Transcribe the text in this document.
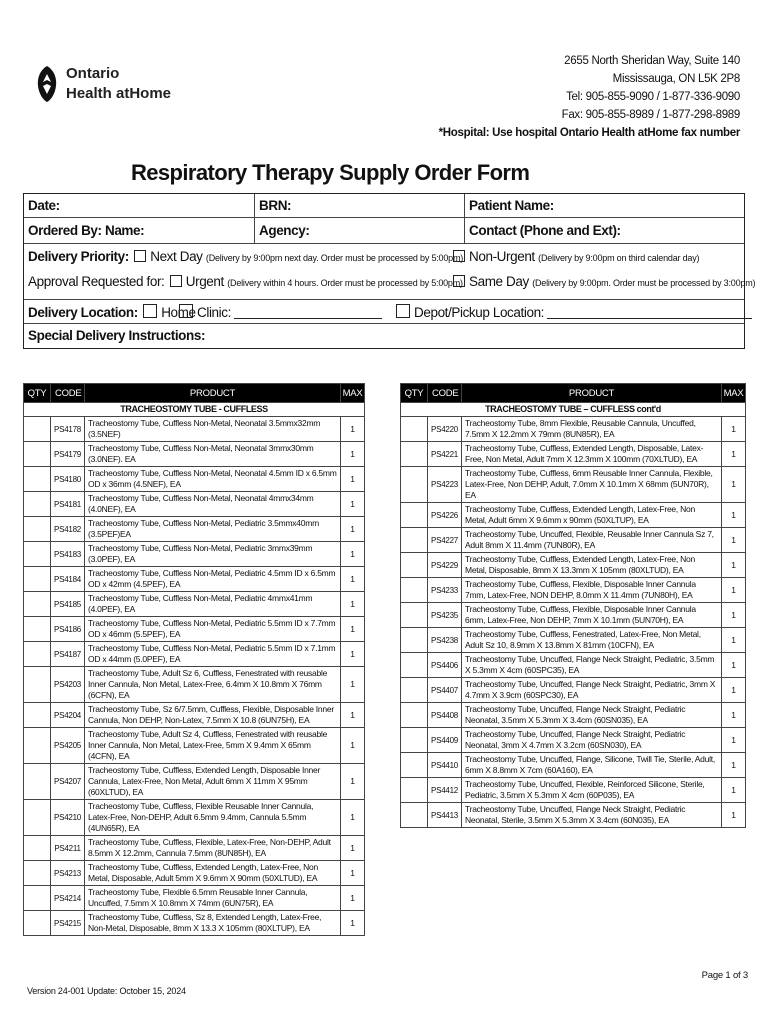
Ontario
Health atHome
2655 North Sheridan Way, Suite 140
Mississauga, ON L5K 2P8
Tel: 905-855-9090 / 1-877-336-9090
Fax: 905-855-8989 / 1-877-298-8989
*Hospital: Use hospital Ontario Health atHome fax number
Respiratory Therapy Supply Order Form
Date:	BRN:	Patient Name:
Ordered By: Name:	Agency:	Contact (Phone and Ext):
Delivery Priority: Next Day (Delivery by 9:00pm next day. Order must be processed by 5:00pm) Non-Urgent (Delivery by 9:00pm on third calendar day)
Approval Requested for: Urgent (Delivery within 4 hours. Order must be processed by 5:00pm) Same Day (Delivery by 9:00pm. Order must be processed by 3:00pm)
Delivery Location: Home Clinic:	Depot/Pickup Location:
Special Delivery Instructions:
QTY	CODE	PRODUCT	MAX
TRACHEOSTOMY TUBE - CUFFLESS			
	PS4178	Tracheostomy Tube, Cuffless Non-Metal, Neonatal 3.5mmx32mm (3.5NEF)	1
	PS4179	Tracheostomy Tube, Cuffless Non-Metal, Neonatal 3mmx30mm (3.0NEF). EA	1
	PS4180	Tracheostomy Tube, Cuffless Non-Metal, Neonatal 4.5mm ID x 6.5mm OD x 36mm (4.5NEF), EA	1
	PS4181	Tracheostomy Tube, Cuffless Non-Metal, Neonatal 4mmx34mm (4.0NEF), EA	1
	PS4182	Tracheostomy Tube, Cuffless Non-Metal, Pediatric 3.5mmx40mm (3.5PEF)EA	1
	PS4183	Tracheostomy Tube, Cuffless Non-Metal, Pediatric 3mmx39mm (3.0PEF), EA	1
	PS4184	Tracheostomy Tube, Cuffless Non-Metal, Pediatric 4.5mm ID x 6.5mm OD x 42mm (4.5PEF), EA	1
	PS4185	Tracheostomy Tube, Cuffless Non-Metal, Pediatric 4mmx41mm (4.0PEF), EA	1
	PS4186	Tracheostomy Tube, Cuffless Non-Metal, Pediatric 5.5mm ID x 7.7mm OD x 46mm (5.5PEF), EA	1
	PS4187	Tracheostomy Tube, Cuffless Non-Metal, Pediatric 5.5mm ID x 7.1mm OD x 44mm (5.0PEF), EA	1
	PS4203	Tracheostomy Tube, Adult Sz 6, Cuffless, Fenestrated with reusable Inner Cannula, Non Metal, Latex-Free, 6.4mm X 10.8mm X 76mm (6CFN), EA	1
	PS4204	Tracheostomy Tube, Sz 6/7.5mm, Cuffless, Flexible, Disposable Inner Cannula, Non DEHP, Non-Latex, 7.5mm X 10.8 (6UN75H), EA	1
	PS4205	Tracheostomy Tube, Adult Sz 4, Cuffless, Fenestrated with reusable Inner Cannula, Non Metal, Latex-Free, 5mm X 9.4mm X 65mm (4CFN), EA	1
	PS4207	Tracheostomy Tube, Cuffless, Extended Length, Disposable Inner Cannula, Latex-Free, Non Metal, Adult 6mm X 11mm X 95mm (60XLTUD), EA	1
	PS4210	Tracheostomy Tube, Cuffless, Flexible Reusable Inner Cannula, Latex-Free, Non-DEHP, Adult 6.5mm 9.4mm, Cannula 5.5mm (4UN65R), EA	1
	PS4211	Tracheostomy Tube, Cuffless, Flexible, Latex-Free, Non-DEHP, Adult 8.5mm X 12.2mm, Cannula 7.5mm (8UN85H), EA	1
	PS4213	Tracheostomy Tube, Cuffless, Extended Length, Latex-Free, Non Metal, Disposable, Adult 5mm X 9.6mm X 90mm (50XLTUD), EA	1
	PS4214	Tracheostomy Tube, Flexible 6.5mm Reusable Inner Cannula, Uncuffed, 7.5mm X 10.8mm X 74mm (6UN75R), EA	1
	PS4215	Tracheostomy Tube, Cuffless, Sz 8, Extended Length, Latex-Free, Non-Metal, Disposable, 8mm X 13.3 X 105mm (80XLTUP), EA	1
QTY	CODE	PRODUCT	MAX
TRACHEOSTOMY TUBE – CUFFLESS cont'd			
	PS4220	Tracheostomy Tube, 8mm Flexible, Reusable Cannula, Uncuffed, 7.5mm X 12.2mm X 79mm (8UN85R), EA	1
	PS4221	Tracheostomy Tube, Cuffless, Extended Length, Disposable, Latex-Free, Non Metal, Adult 7mm X 12.3mm X 100mm (70XLTUD), EA	1
	PS4223	Tracheostomy Tube, Cuffless, 6mm Reusable Inner Cannula, Flexible, Latex-Free, Non DEHP, Adult, 7.0mm X 10.1mm X 68mm (5UN70R), EA	1
	PS4226	Tracheostomy Tube, Cuffless, Extended Length, Latex-Free, Non Metal, Adult 6mm X 9.6mm x 90mm (50XLTUP), EA	1
	PS4227	Tracheostomy Tube, Uncuffed, Flexible, Reusable Inner Cannula Sz 7, Adult 8mm X 11.4mm (7UN80R), EA	1
	PS4229	Tracheostomy Tube, Cuffless, Extended Length, Latex-Free, Non Metal, Disposable, 8mm X 13.3mm X 105mm (80XLTUD), EA	1
	PS4233	Tracheostomy Tube, Cuffless, Flexible, Disposable Inner Cannula 7mm, Latex-Free, NON DEHP, 8.0mm X 11.4mm (7UN80H), EA	1
	PS4235	Tracheostomy Tube, Cuffless, Flexible, Disposable Inner Cannula 6mm, Latex-Free, Non DEHP, 7mm X 10.1mm (5UN70H), EA	1
	PS4238	Tracheostomy Tube, Cuffless, Fenestrated, Latex-Free, Non Metal, Adult Sz 10, 8.9mm X 13.8mm X 81mm (10CFN), EA	1
	PS4406	Tracheostomy Tube, Uncuffed, Flange Neck Straight, Pediatric, 3.5mm X 5.3mm X 4cm (60SPC35), EA	1
	PS4407	Tracheostomy Tube, Uncuffed, Flange Neck Straight, Pediatric, 3mm X 4.7mm X 3.9cm (60SPC30), EA	1
	PS4408	Tracheostomy Tube, Uncuffed, Flange Neck Straight, Pediatric Neonatal, 3.5mm X 5.3mm X 3.4cm (60SN035), EA	1
	PS4409	Tracheostomy Tube, Uncuffed, Flange Neck Straight, Pediatric Neonatal, 3mm X 4.7mm X 3.2cm (60SN030), EA	1
	PS4410	Tracheostomy Tube, Uncuffed, Flange, Silicone, Twill Tie, Sterile, Adult, 6mm X 8.8mm X 7cm (60A160), EA	1
	PS4412	Tracheostomy Tube, Uncuffed, Flexible, Reinforced Silicone, Sterile, Pediatric, 3.5mm X 5.3mm X 4cm (60P035), EA	1
	PS4413	Tracheostomy Tube, Uncuffed, Flange Neck Straight, Pediatric Neonatal, Sterile, 3.5mm X 5.3mm X 3.4cm (60N035), EA	1
Page 1 of 3
Version 24-001 Update: October 15, 2024
